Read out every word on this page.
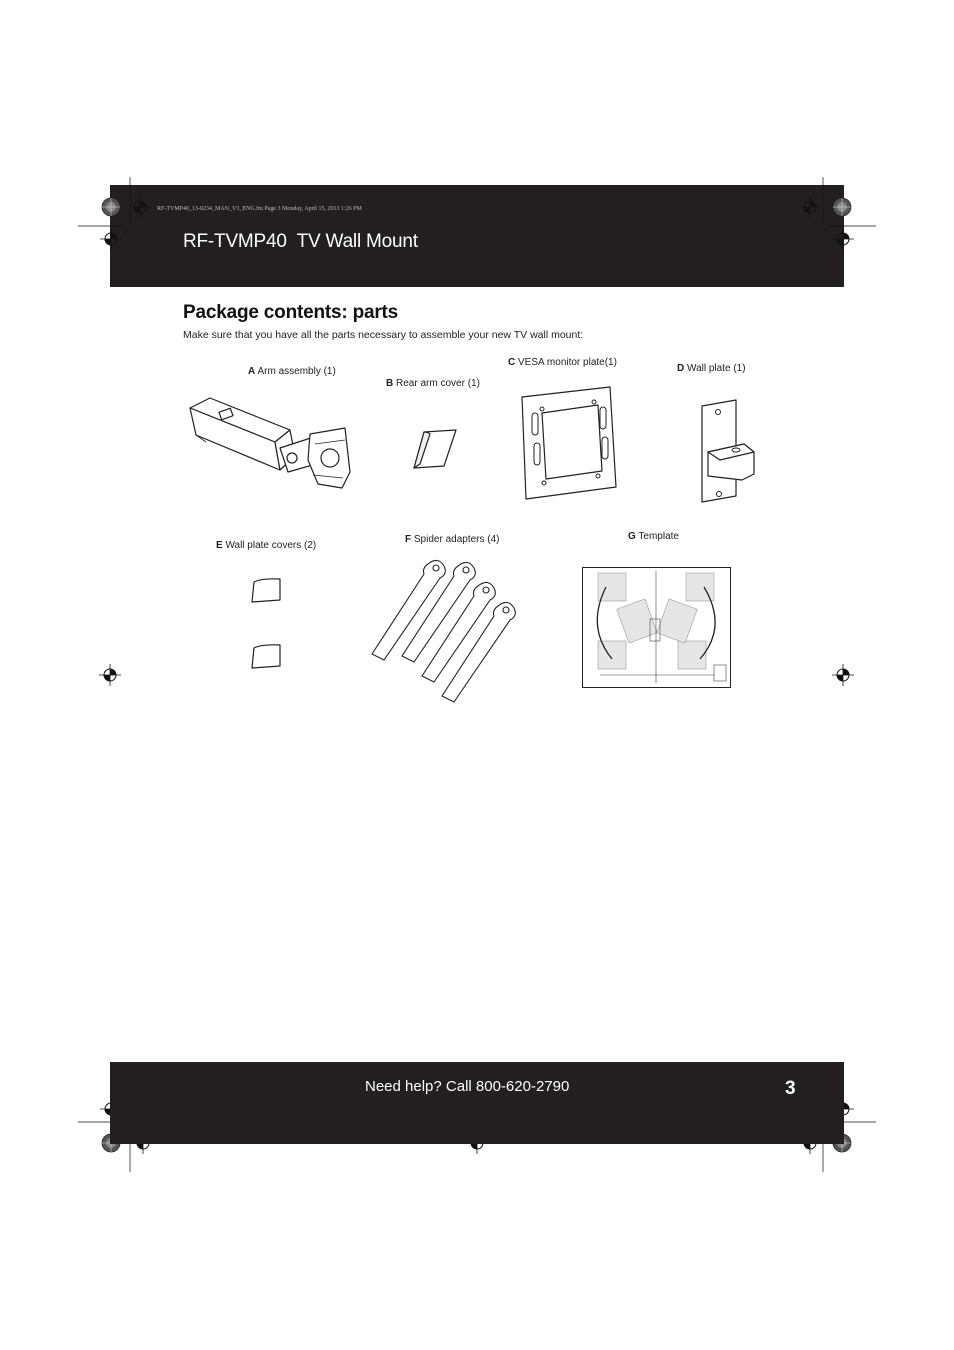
RF-TVMP40_13-0234_MAN_V3_ENG.fm Page 3 Monday, April 15, 2013 1:26 PM
RF-TVMP40  TV Wall Mount
Package contents: parts
Make sure that you have all the parts necessary to assemble your new TV wall mount:
A Arm assembly (1)
B Rear arm cover (1)
C VESA monitor plate(1)
D Wall plate (1)
E Wall plate covers (2)
F Spider adapters (4)	G Template
Need help? Call 800-620-2790	3
